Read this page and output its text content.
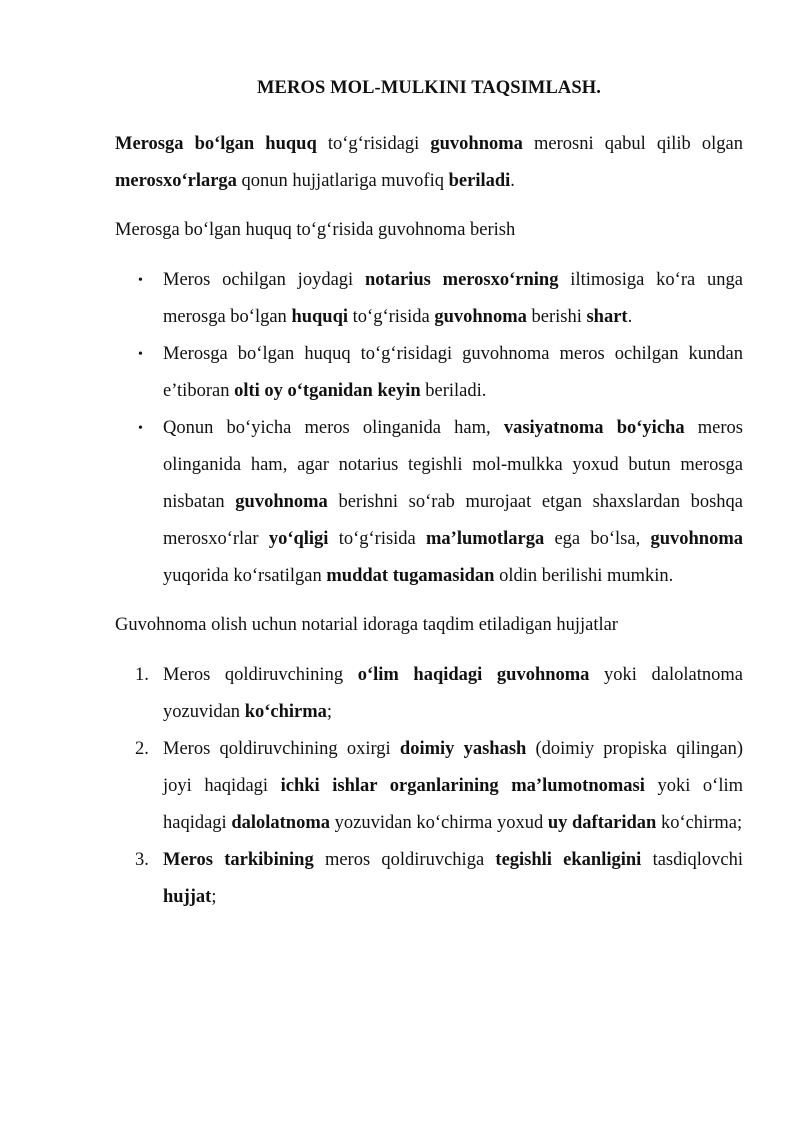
MEROS MOL-MULKINI TAQSIMLASH.

Merosga bo‘lgan huquq to‘g‘risidagi guvohnoma merosni qabul qilib olgan merosxo‘rlarga qonun hujjatlariga muvofiq beriladi.

Merosga bo‘lgan huquq to‘g‘risida guvohnoma berish

• Meros ochilgan joydagi notarius merosxo‘rning iltimosiga ko‘ra unga merosga bo‘lgan huquqi to‘g‘risida guvohnoma berishi shart.
• Merosga bo‘lgan huquq to‘g‘risidagi guvohnoma meros ochilgan kundan e’tiboran olti oy o‘tganidan keyin beriladi.
• Qonun bo‘yicha meros olinganida ham, vasiyatnoma bo‘yicha meros olinganida ham, agar notarius tegishli mol-mulkka yoxud butun merosga nisbatan guvohnoma berishni so‘rab murojaat etgan shaxslardan boshqa merosxo‘rlar yo‘qligi to‘g‘risida ma’lumotlarga ega bo‘lsa, guvohnoma yuqorida ko‘rsatilgan muddat tugamasidan oldin berilishi mumkin.

Guvohnoma olish uchun notarial idoraga taqdim etiladigan hujjatlar

1. Meros qoldiruvchining o‘lim haqidagi guvohnoma yoki dalolatnoma yozuvidan ko‘chirma;
2. Meros qoldiruvchining oxirgi doimiy yashash (doimiy propiska qilingan) joyi haqidagi ichki ishlar organlarining ma’lumotnomasi yoki o‘lim haqidagi dalolatnoma yozuvidan ko‘chirma yoxud uy daftaridan ko‘chirma;
3. Meros tarkibining meros qoldiruvchiga tegishli ekanligini tasdiqlovchi hujjat;
